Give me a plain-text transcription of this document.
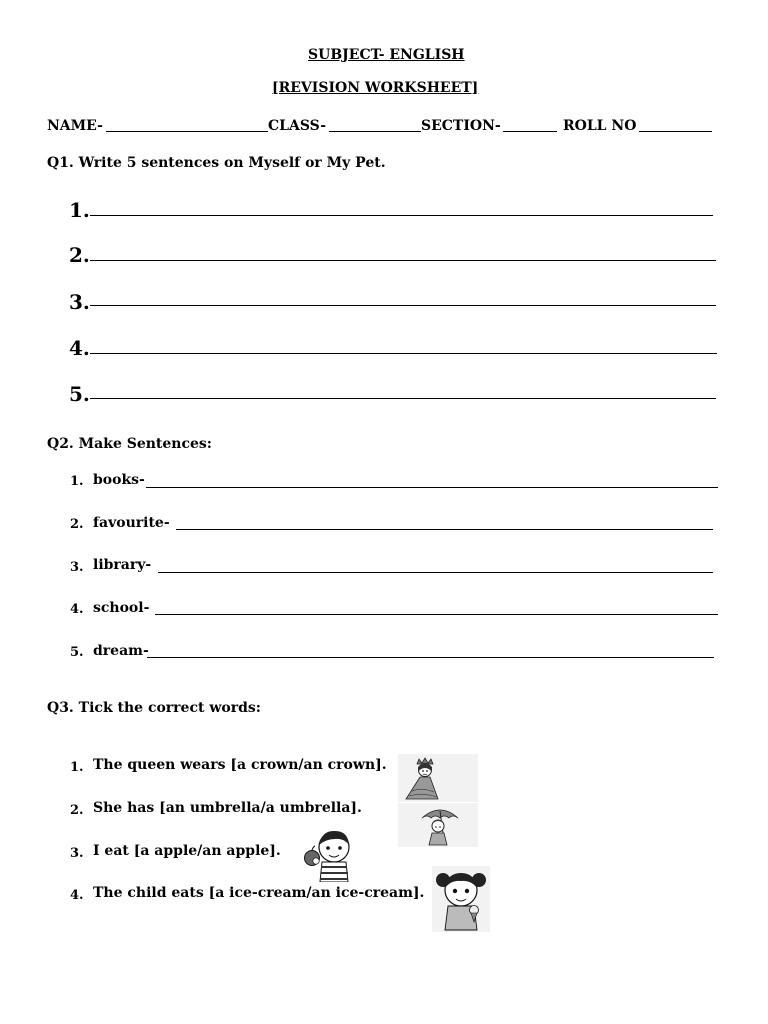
SUBJECT- ENGLISH
[REVISION WORKSHEET]
NAME-	CLASS-	SECTION-	ROLL NO
Q1. Write 5 sentences on Myself or My Pet.
1.
2.
3.
4.
5.
Q2. Make Sentences:
1. books-
2. favourite-
3. library-
4. school-
5. dream-
Q3. Tick the correct words:
1. The queen wears [a crown/an crown].
2. She has [an umbrella/a umbrella].
3. I eat [a apple/an apple].
4. The child eats [a ice-cream/an ice-cream].
